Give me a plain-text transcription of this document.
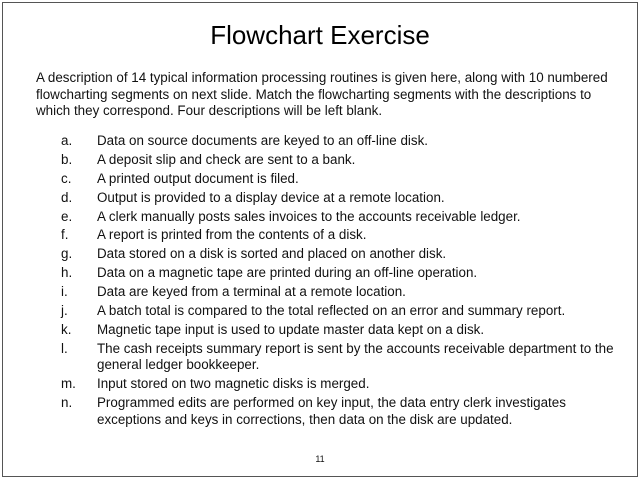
Flowchart Exercise
A description of 14 typical information processing routines is given here, along with 10 numbered flowcharting segments on next slide. Match the flowcharting segments with the descriptions to which they correspond. Four descriptions will be left blank.
a.	Data on source documents are keyed to an off-line disk.
b.	A deposit slip and check are sent to a bank.
c.	A printed output document is filed.
d.	Output is provided to a display device at a remote location.
e.	A clerk manually posts sales invoices to the accounts receivable ledger.
f.	A report is printed from the contents of a disk.
g.	Data stored on a disk is sorted and placed on another disk.
h.	Data on a magnetic tape are printed during an off-line operation.
i.	Data are keyed from a terminal at a remote location.
j.	A batch total is compared to the total reflected on an error and summary report.
k.	Magnetic tape input is used to update master data kept on a disk.
l.	The cash receipts summary report is sent by the accounts receivable department to the general ledger bookkeeper.
m.	Input stored on two magnetic disks is merged.
n.	Programmed edits are performed on key input, the data entry clerk investigates exceptions and keys in corrections, then data on the disk are updated.
11
